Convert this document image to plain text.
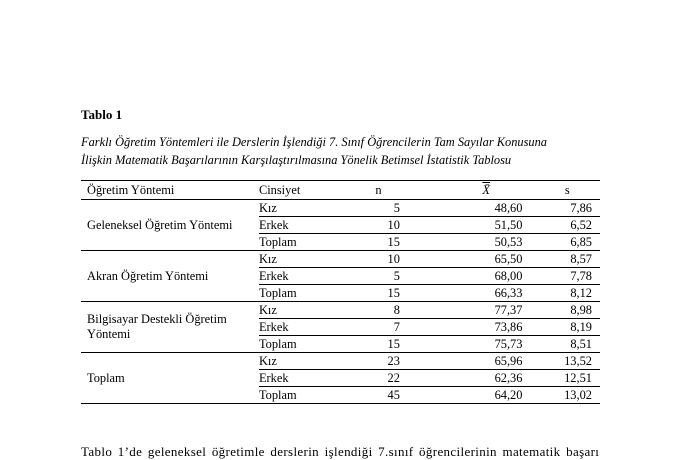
Tablo 1
Farklı Öğretim Yöntemleri ile Derslerin İşlendiği 7. Sınıf Öğrencilerin Tam Sayılar Konusuna
İlişkin Matematik Başarılarının Karşılaştırılmasına Yönelik Betimsel İstatistik Tablosu
Öğretim Yöntemi	Cinsiyet	n	X̄	s
Geleneksel Öğretim Yöntemi	Kız	5	48,60	7,86
	Erkek	10	51,50	6,52
	Toplam	15	50,53	6,85
Akran Öğretim Yöntemi	Kız	10	65,50	8,57
	Erkek	5	68,00	7,78
	Toplam	15	66,33	8,12

Bilgisayar Destekli Öğretim
Yöntemi	Kız	8	77,37	8,98
	Erkek	7	73,86	8,19
	Toplam	15	75,73	8,51
Toplam	Kız	23	65,96	13,52
	Erkek	22	62,36	12,51
	Toplam	45	64,20	13,02
Tablo 1’de geleneksel öğretimle derslerin işlendiği 7.sınıf öğrencilerinin matematik başarı
